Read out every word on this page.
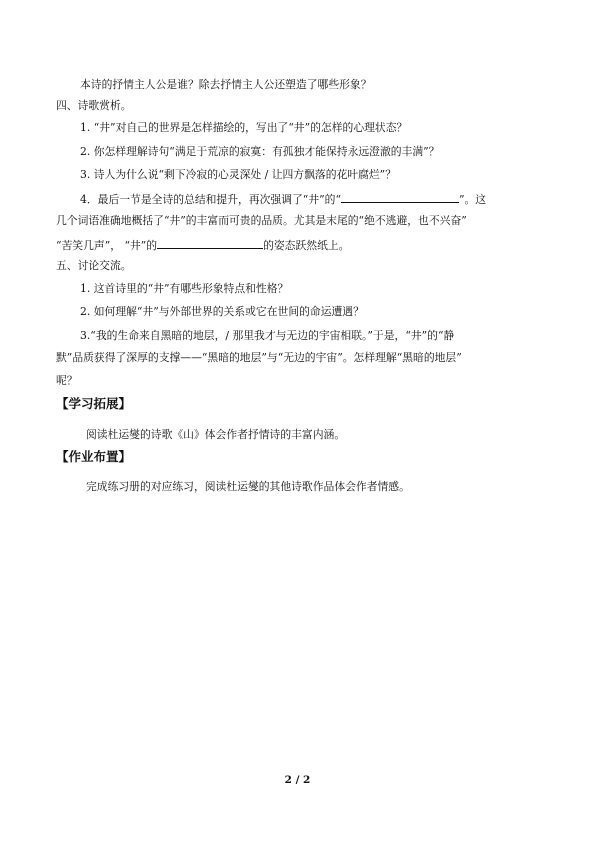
本诗的抒情主人公是谁？除去抒情主人公还塑造了哪些形象？
四、诗歌赏析。
1. “井”对自己的世界是怎样描绘的，写出了“井”的怎样的心理状态？
2. 你怎样理解诗句“满足于荒凉的寂寞：有孤独才能保持永远澄澈的丰满”？
3. 诗人为什么说“剩下冷寂的心灵深处 / 让四方飘落的花叶腐烂”？
4．最后一节是全诗的总结和提升，再次强调了“井”的“	”。这
几个词语准确地概括了“井”的丰富而可贵的品质。尤其是末尾的“绝不逃避，也不兴奋”
“苦笑几声”， “井”的	的姿态跃然纸上。
五、讨论交流。
1. 这首诗里的“井”有哪些形象特点和性格？
2. 如何理解“井”与外部世界的关系或它在世间的命运遭遇？
3.“我的生命来自黑暗的地层，/ 那里我才与无边的宇宙相联。”于是，“井”的“静
默”品质获得了深厚的支撑——“黑暗的地层”与“无边的宇宙”。怎样理解“黑暗的地层”
呢？
【学习拓展】
阅读杜运燮的诗歌《山》体会作者抒情诗的丰富内涵。
【作业布置】
完成练习册的对应练习，阅读杜运燮的其他诗歌作品体会作者情感。
2 / 2
